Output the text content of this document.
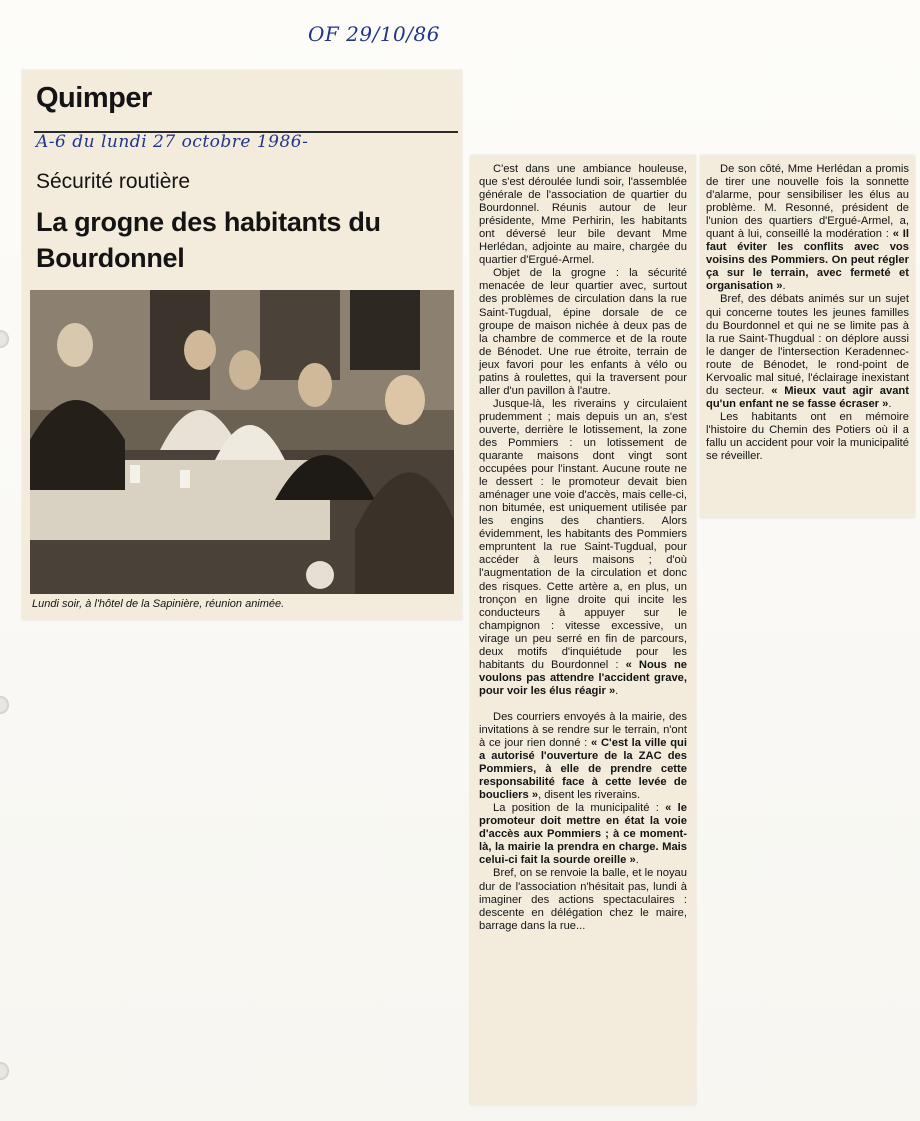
OF 29/10/86
Quimper
A-6 du lundi 27 octobre 1986-
Sécurité routière
La grogne des habitants du Bourdonnel
Lundi soir, à l'hôtel de la Sapinière, réunion animée.

C'est dans une ambiance houleuse, que s'est déroulée lundi soir, l'assemblée générale de l'association de quartier du Bourdonnel. Réunis autour de leur présidente, Mme Perhirin, les habitants ont déversé leur bile devant Mme Herlédan, adjointe au maire, chargée du quartier d'Ergué-Armel.

Objet de la grogne : la sécurité menacée de leur quartier avec, surtout des problèmes de circulation dans la rue Saint-Tugdual, épine dorsale de ce groupe de maison nichée à deux pas de la chambre de commerce et de la route de Bénodet. Une rue étroite, terrain de jeux favori pour les enfants à vélo ou patins à roulettes, qui la traversent pour aller d'un pavillon à l'autre.

Jusque-là, les riverains y circulaient prudemment ; mais depuis un an, s'est ouverte, derrière le lotissement, la zone des Pommiers : un lotissement de quarante maisons dont vingt sont occupées pour l'instant. Aucune route ne le dessert : le promoteur devait bien aménager une voie d'accès, mais celle-ci, non bitumée, est uniquement utilisée par les engins des chantiers. Alors évidemment, les habitants des Pommiers empruntent la rue Saint-Tugdual, pour accéder à leurs maisons ; d'où l'augmentation de la circulation et donc des risques. Cette artère a, en plus, un tronçon en ligne droite qui incite les conducteurs à appuyer sur le champignon : vitesse excessive, un virage un peu serré en fin de parcours, deux motifs d'inquiétude pour les habitants du Bourdonnel : « Nous ne voulons pas attendre l'accident grave, pour voir les élus réagir ».

Des courriers envoyés à la mairie, des invitations à se rendre sur le terrain, n'ont à ce jour rien donné : « C'est la ville qui a autorisé l'ouverture de la ZAC des Pommiers, à elle de prendre cette responsabilité face à cette levée de boucliers », disent les riverains.

La position de la municipalité : « le promoteur doit mettre en état la voie d'accès aux Pommiers ; à ce moment-là, la mairie la prendra en charge. Mais celui-ci fait la sourde oreille ».

Bref, on se renvoie la balle, et le noyau dur de l'association n'hésitait pas, lundi à imaginer des actions spectaculaires : descente en délégation chez le maire, barrage dans la rue...

De son côté, Mme Herlédan a promis de tirer une nouvelle fois la sonnette d'alarme, pour sensibiliser les élus au problème. M. Resonné, président de l'union des quartiers d'Ergué-Armel, a, quant à lui, conseillé la modération : « Il faut éviter les conflits avec vos voisins des Pommiers. On peut régler ça sur le terrain, avec fermeté et organisation ».

Bref, des débats animés sur un sujet qui concerne toutes les jeunes familles du Bourdonnel et qui ne se limite pas à la rue Saint-Thugdual : on déplore aussi le danger de l'intersection Keradennec-route de Bénodet, le rond-point de Kervoalic mal situé, l'éclairage inexistant du secteur. « Mieux vaut agir avant qu'un enfant ne se fasse écraser ».

Les habitants ont en mémoire l'histoire du Chemin des Potiers où il a fallu un accident pour voir la municipalité se réveiller.
